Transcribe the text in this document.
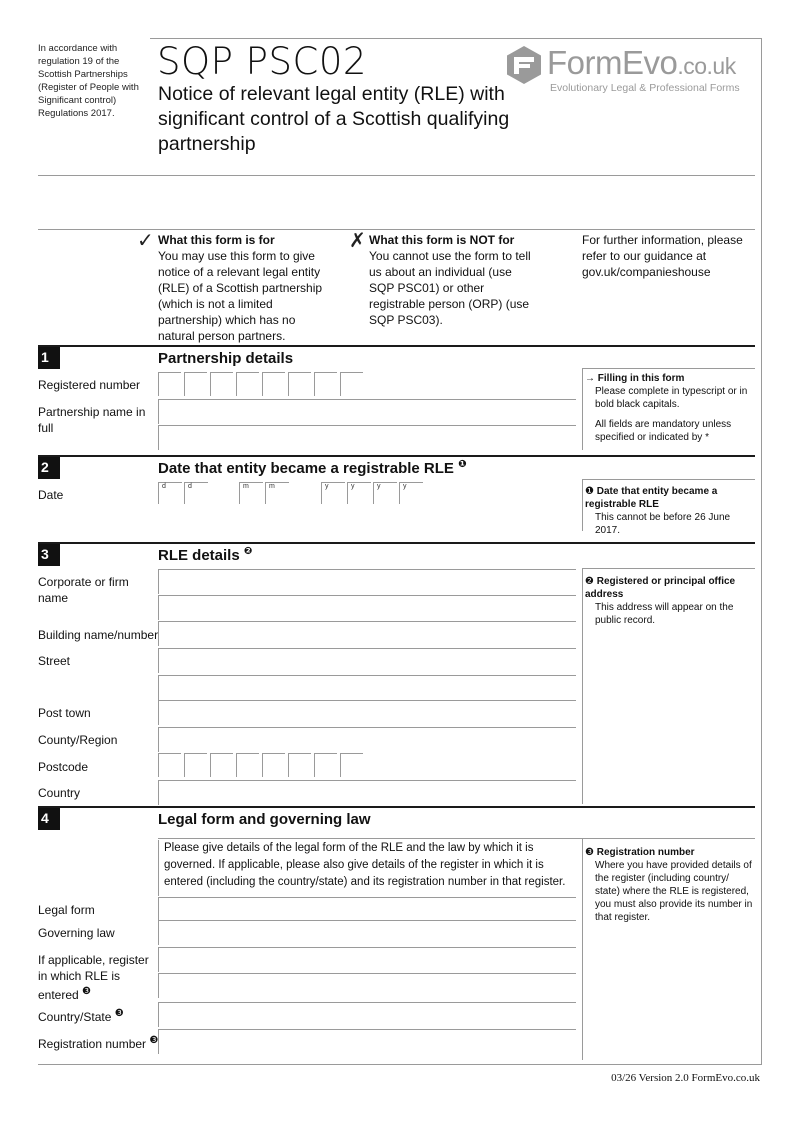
In accordance with regulation 19 of the Scottish Partnerships (Register of People with Significant control) Regulations 2017.
SQP PSC02
Notice of relevant legal entity (RLE) with significant control of a Scottish qualifying partnership
FormEvo.co.uk
Evolutionary Legal & Professional Forms
✓ What this form is for
You may use this form to give notice of a relevant legal entity (RLE) of a Scottish partnership (which is not a limited partnership) which has no natural person partners.
✗ What this form is NOT for
You cannot use the form to tell us about an individual (use SQP PSC01) or other registrable person (ORP) (use SQP PSC03).
For further information, please refer to our guidance at gov.uk/companieshouse
1	Partnership details
Registered number
Partnership name in full
→ Filling in this form
Please complete in typescript or in bold black capitals.
All fields are mandatory unless specified or indicated by *
2	Date that entity became a registrable RLE $^❶$
Date
d	d	m	m	y	y	y	y	❶ Date that entity became a registrable RLE
This cannot be before 26 June 2017.
3	RLE details $^❷$
Corporate or firm name
Building name/number
Street
Post town
County/Region
Postcode
Country
❷ Registered or principal office address
This address will appear on the public record.
4	Legal form and governing law
Please give details of the legal form of the RLE and the law by which it is governed. If applicable, please also give details of the register in which it is entered (including the country/state) and its registration number in that register.
Legal form
Governing law
If applicable, register in which RLE is entered $^❸$
Country/State $^❸$
Registration number $^❸$
❸ Registration number
Where you have provided details of the register (including country/ state) where the RLE is registered, you must also provide its number in that register.
03/26 Version 2.0 FormEvo.co.uk
